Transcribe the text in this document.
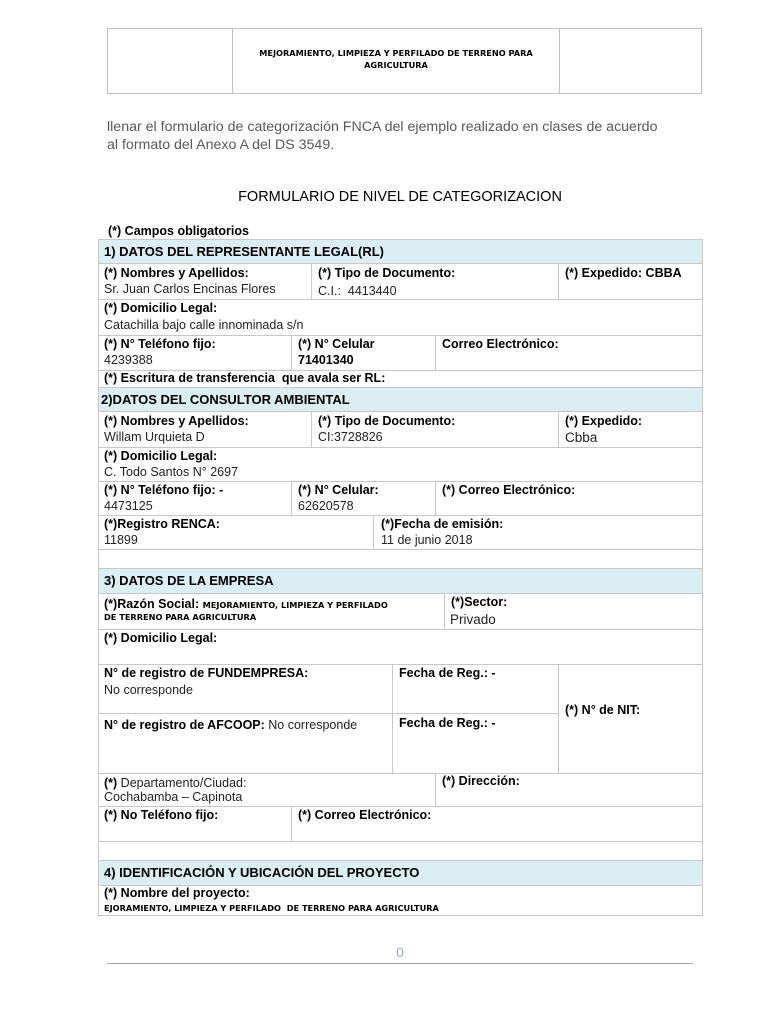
MEJORAMIENTO, LIMPIEZA Y PERFILADO DE TERRENO PARA
AGRICULTURA
llenar el formulario de categorización FNCA del ejemplo realizado en clases de acuerdo
al formato del Anexo A del DS 3549.
FORMULARIO DE NIVEL DE CATEGORIZACION
(*) Campos obligatorios
1) DATOS DEL REPRESENTANTE LEGAL(RL)
(*) Nombres y Apellidos:
Sr. Juan Carlos Encinas Flores
(*) Tipo de Documento:
C.I.:  4413440
(*) Expedido: CBBA
(*) Domicilio Legal:
Catachilla bajo calle innominada s/n
(*) N° Teléfono fijo:
4239388
(*) N° Celular
71401340
Correo Electrónico:
(*) Escritura de transferencia  que avala ser RL:
2)DATOS DEL CONSULTOR AMBIENTAL
(*) Nombres y Apellidos:
Willam Urquieta D
(*) Tipo de Documento:
CI:3728826
(*) Expedido:
Cbba
(*) Domicilio Legal:
C. Todo Santos N° 2697
(*) N° Teléfono fijo: -
4473125
(*) N° Celular:
62620578
(*) Correo Electrónico:
(*)Registro RENCA:
11899
(*)Fecha de emisión:
11 de junio 2018
3) DATOS DE LA EMPRESA
(*)Razón Social: MEJORAMIENTO, LIMPIEZA Y PERFILADO
DE TERRENO PARA AGRICULTURA
(*)Sector:
Privado
(*) Domicilio Legal:
N° de registro de FUNDEMPRESA:
No corresponde
Fecha de Reg.: -
(*) N° de NIT:
N° de registro de AFCOOP: No corresponde	Fecha de Reg.: -
(*) Departamento/Ciudad:
Cochabamba – Capinota
(*) Dirección:
(*) No Teléfono fijo:	(*) Correo Electrónico:
4) IDENTIFICACIÓN Y UBICACIÓN DEL PROYECTO
(*) Nombre del proyecto:
EJORAMIENTO, LIMPIEZA Y PERFILADO  DE TERRENO PARA AGRICULTURA
0
